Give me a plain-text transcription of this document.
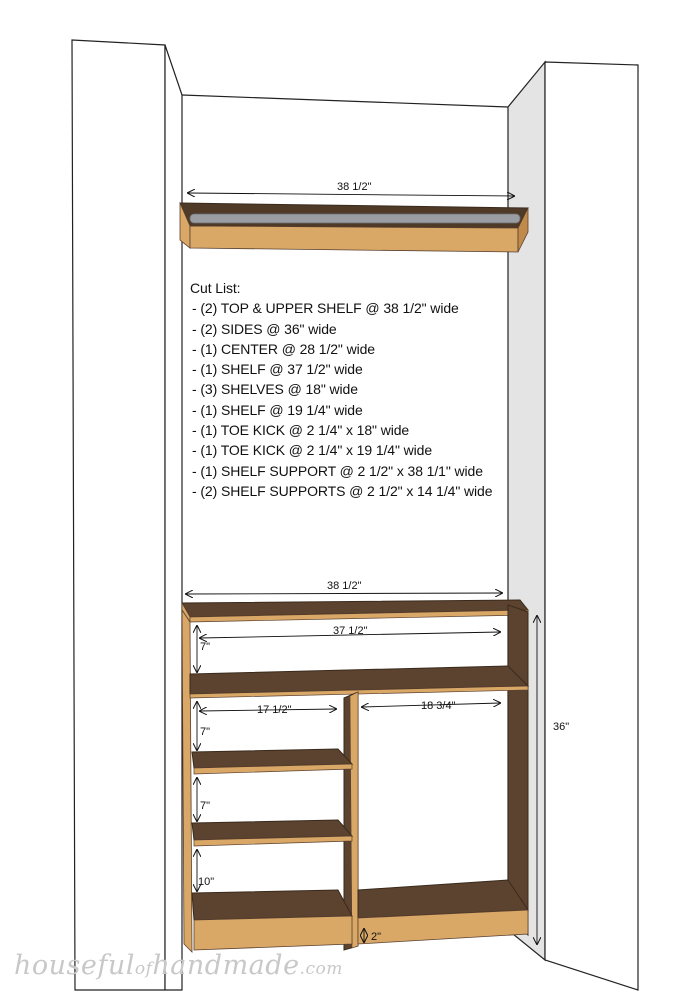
38 1/2"
38 1/2"
37 1/2"
7"
17 1/2"	18 3/4"
7"
7"
10"
2"
36"
Cut List:
- (2) TOP & UPPER SHELF @ 38 1/2" wide
- (2) SIDES @ 36" wide
- (1) CENTER @ 28 1/2" wide
- (1) SHELF @ 37 1/2" wide
- (3) SHELVES @ 18" wide
- (1) SHELF @ 19 1/4" wide
- (1) TOE KICK @ 2 1/4" x 18" wide
- (1) TOE KICK @ 2 1/4" x 19 1/4" wide
- (1) SHELF SUPPORT @ 2 1/2" x 38 1/1" wide
- (2) SHELF SUPPORTS @ 2 1/2" x 14 1/4" wide
housefulofhandmade.com
